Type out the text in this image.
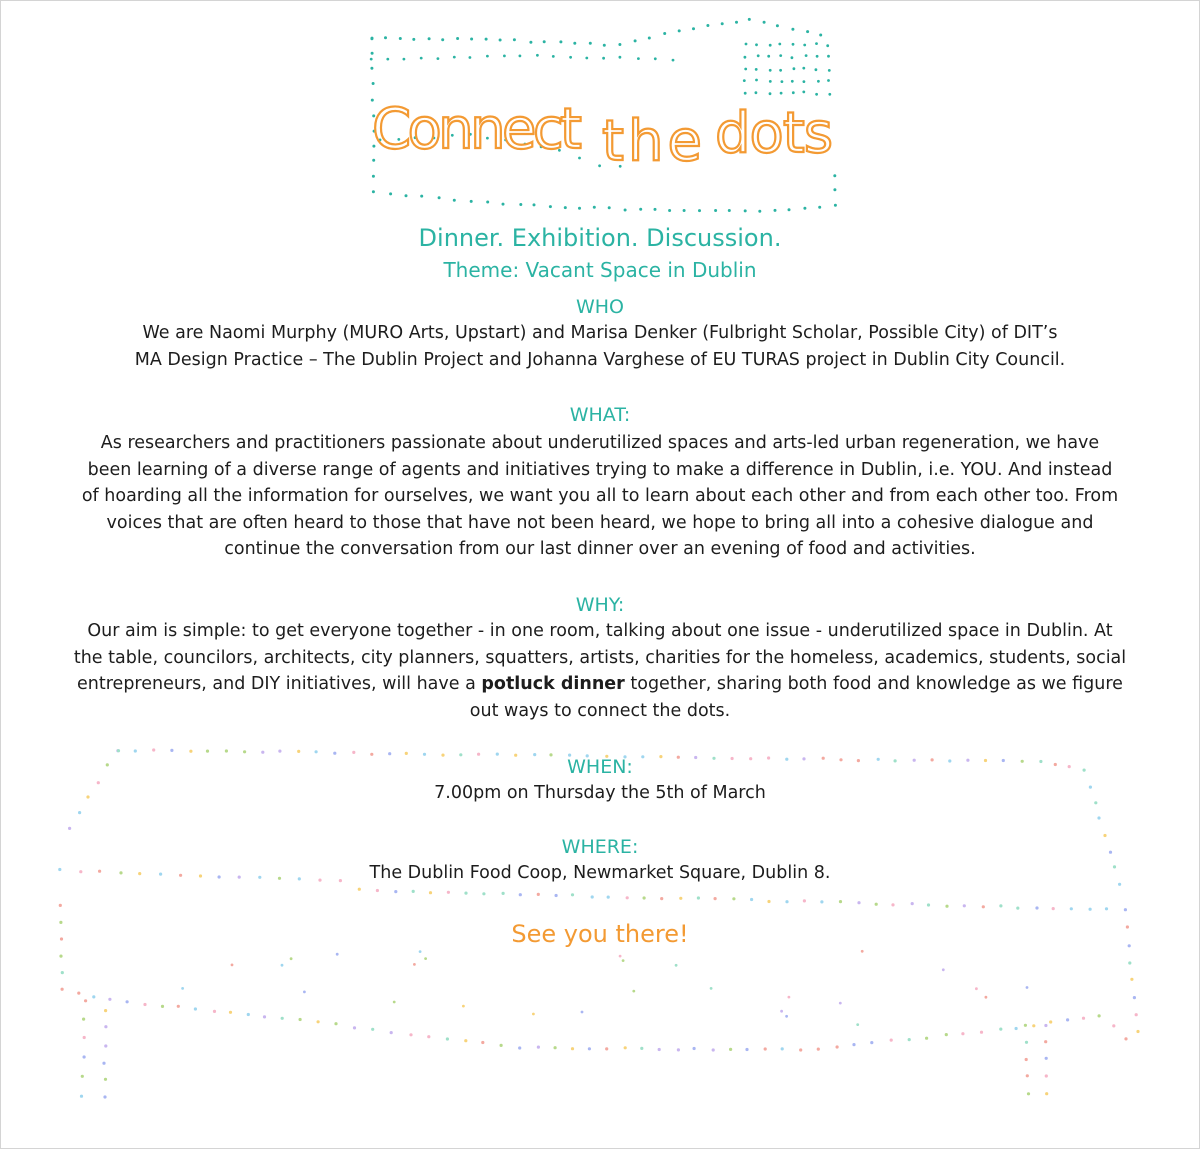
Connect the dots
Dinner. Exhibition. Discussion.
Theme: Vacant Space in Dublin
WHO
We are Naomi Murphy (MURO Arts, Upstart) and Marisa Denker (Fulbright Scholar, Possible City) of DIT’s
MA Design Practice – The Dublin Project and Johanna Varghese of EU TURAS project in Dublin City Council.
WHAT:
As researchers and practitioners passionate about underutilized spaces and arts-led urban regeneration, we have
been learning of a diverse range of agents and initiatives trying to make a difference in Dublin, i.e. YOU. And instead
of hoarding all the information for ourselves, we want you all to learn about each other and from each other too. From
voices that are often heard to those that have not been heard, we hope to bring all into a cohesive dialogue and
continue the conversation from our last dinner over an evening of food and activities.
WHY:
Our aim is simple: to get everyone together - in one room, talking about one issue - underutilized space in Dublin. At
the table, councilors, architects, city planners, squatters, artists, charities for the homeless, academics, students, social
entrepreneurs, and DIY initiatives, will have a potluck dinner together, sharing both food and knowledge as we figure
out ways to connect the dots.
WHEN:
7.00pm on Thursday the 5th of March
WHERE:
The Dublin Food Coop, Newmarket Square, Dublin 8.
See you there!
